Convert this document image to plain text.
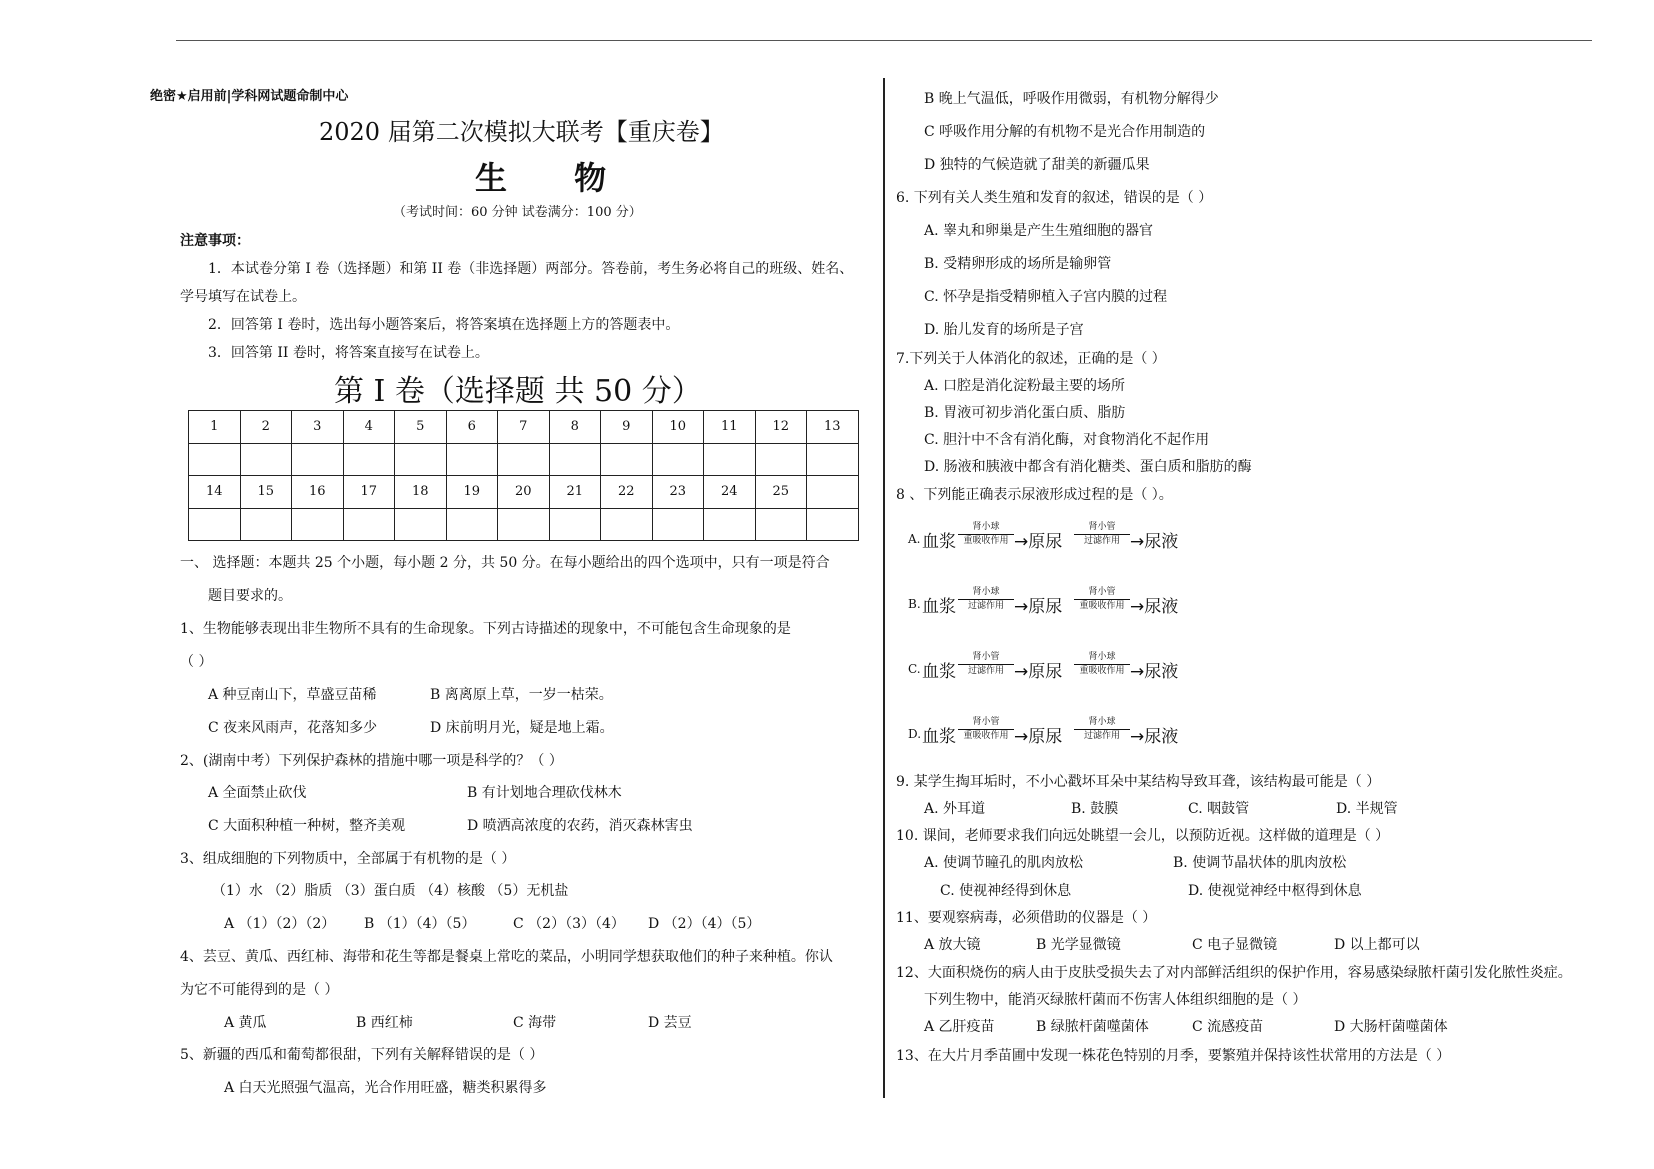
绝密★启用前|学科网试题命制中心
2020 届第二次模拟大联考【重庆卷】
生 物
（考试时间：60 分钟 试卷满分：100 分）
注意事项：
1．本试卷分第 I 卷（选择题）和第 II 卷（非选择题）两部分。答卷前，考生务必将自己的班级、姓名、
学号填写在试卷上。
2．回答第 I 卷时，选出每小题答案后，将答案填在选择题上方的答题表中。
3．回答第 II 卷时，将答案直接写在试卷上。
第 I 卷（选择题 共 50 分）
1	2	3	4	5	6	7	8	9	10	11	12	13

14	15	16	17	18	19	20	21	22	23	24	25	

一、 选择题：本题共 25 个小题，每小题 2 分，共 50 分。在每小题给出的四个选项中，只有一项是符合
题目要求的。
1、生物能够表现出非生物所不具有的生命现象。下列古诗描述的现象中，不可能包含生命现象的是
（ ）
A 种豆南山下，草盛豆苗稀	B 离离原上草，一岁一枯荣。
C 夜来风雨声，花落知多少	D 床前明月光，疑是地上霜。
2、(湖南中考）下列保护森林的措施中哪一项是科学的？（ ）
A 全面禁止砍伐	B 有计划地合理砍伐林木
C 大面积种植一种树，整齐美观	D 喷洒高浓度的农药，消灭森林害虫
3、组成细胞的下列物质中，全部属于有机物的是（ ）
（1）水 （2）脂质 （3）蛋白质 （4）核酸 （5）无机盐
A （1）（2）（2） B （1）（4）（5）	C （2）（3）（4） D （2）（4）（5）
4、芸豆、黄瓜、西红柿、海带和花生等都是餐桌上常吃的菜品，小明同学想获取他们的种子来种植。你认
为它不可能得到的是（ ）
A 黄瓜	B 西红柿	C 海带	D 芸豆
5、新疆的西瓜和葡萄都很甜，下列有关解释错误的是（ ）
A 白天光照强气温高，光合作用旺盛，糖类积累得多
B 晚上气温低，呼吸作用微弱，有机物分解得少
C 呼吸作用分解的有机物不是光合作用制造的
D 独特的气候造就了甜美的新疆瓜果
6. 下列有关人类生殖和发育的叙述，错误的是（ ）
A. 睾丸和卵巢是产生生殖细胞的器官
B. 受精卵形成的场所是输卵管
C. 怀孕是指受精卵植入子宫内膜的过程
D. 胎儿发育的场所是子宫
7.下列关于人体消化的叙述，正确的是（ ）
A. 口腔是消化淀粉最主要的场所
B. 胃液可初步消化蛋白质、脂肪
C. 胆汁中不含有消化酶，对食物消化不起作用
D. 肠液和胰液中都含有消化糖类、蛋白质和脂肪的酶
8 、下列能正确表示尿液形成过程的是（ ）。
A. 血浆
肾小球
重吸收作用 →原尿
肾小管
过滤作用 →尿液
B. 血浆
肾小球
过滤作用 →原尿
肾小管
重吸收作用 →尿液
C. 血浆
肾小管
过滤作用 →原尿
肾小球
重吸收作用 →尿液
D. 血浆
肾小管
重吸收作用 →原尿
肾小球
过滤作用 →尿液
9. 某学生掏耳垢时，不小心戳坏耳朵中某结构导致耳聋，该结构最可能是（ ）
A. 外耳道	B. 鼓膜	C. 咽鼓管	D. 半规管
10. 课间，老师要求我们向远处眺望一会儿，以预防近视。这样做的道理是（ ）
A. 使调节瞳孔的肌肉放松	B. 使调节晶状体的肌肉放松
C. 使视神经得到休息	D. 使视觉神经中枢得到休息
11、要观察病毒，必须借助的仪器是（ ）
A 放大镜	B 光学显微镜	C 电子显微镜	D 以上都可以
12、大面积烧伤的病人由于皮肤受损失去了对内部鲜活组织的保护作用，容易感染绿脓杆菌引发化脓性炎症。
下列生物中，能消灭绿脓杆菌而不伤害人体组织细胞的是（ ）
A 乙肝疫苗	B 绿脓杆菌噬菌体	C 流感疫苗	D 大肠杆菌噬菌体
13、在大片月季苗圃中发现一株花色特别的月季，要繁殖并保持该性状常用的方法是（ ）
